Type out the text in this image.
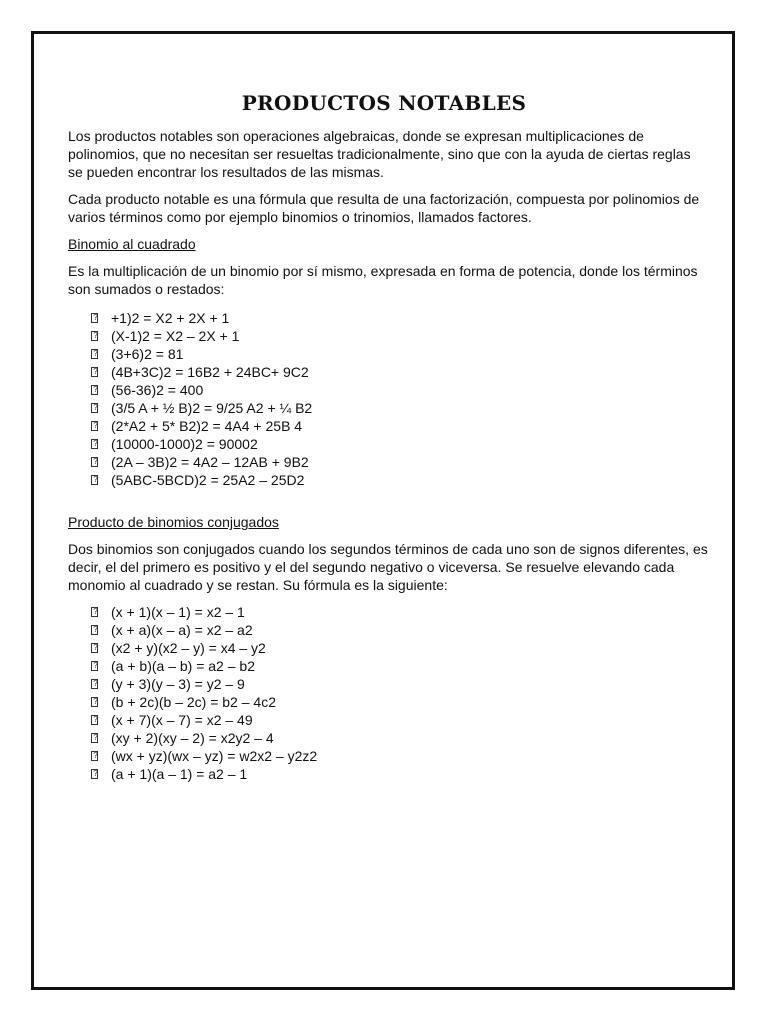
PRODUCTOS NOTABLES

Los productos notables son operaciones algebraicas, donde se expresan multiplicaciones de polinomios, que no necesitan ser resueltas tradicionalmente, sino que con la ayuda de ciertas reglas se pueden encontrar los resultados de las mismas.

Cada producto notable es una fórmula que resulta de una factorización, compuesta por polinomios de varios términos como por ejemplo binomios o trinomios, llamados factores.

Binomio al cuadrado

Es la multiplicación de un binomio por sí mismo, expresada en forma de potencia, donde los términos son sumados o restados:

?
+1)2 = X2 + 2X + 1
?
(X-1)2 = X2 – 2X + 1
?
(3+6)2 = 81
?
(4B+3C)2 = 16B2 + 24BC+ 9C2
?
(56-36)2 = 400
?
(3/5 A + ½ B)2 = 9/25 A2 + ¼ B2
?
(2*A2 + 5* B2)2 = 4A4 + 25B 4
?
(10000-1000)2 = 90002
?
(2A – 3B)2 = 4A2 – 12AB + 9B2
?
(5ABC-5BCD)2 = 25A2 – 25D2

Producto de binomios conjugados

Dos binomios son conjugados cuando los segundos términos de cada uno son de signos diferentes, es decir, el del primero es positivo y el del segundo negativo o viceversa. Se resuelve elevando cada monomio al cuadrado y se restan. Su fórmula es la siguiente:

?
(x + 1)(x – 1) = x2 – 1
?
(x + a)(x – a) = x2 – a2
?
(x2 + y)(x2 – y) = x4 – y2
?
(a + b)(a – b) = a2 – b2
?
(y + 3)(y – 3) = y2 – 9
?
(b + 2c)(b – 2c) = b2 – 4c2
?
(x + 7)(x – 7) = x2 – 49
?
(xy + 2)(xy – 2) = x2y2 – 4
?
(wx + yz)(wx – yz) = w2x2 – y2z2
?
(a + 1)(a – 1) = a2 – 1
